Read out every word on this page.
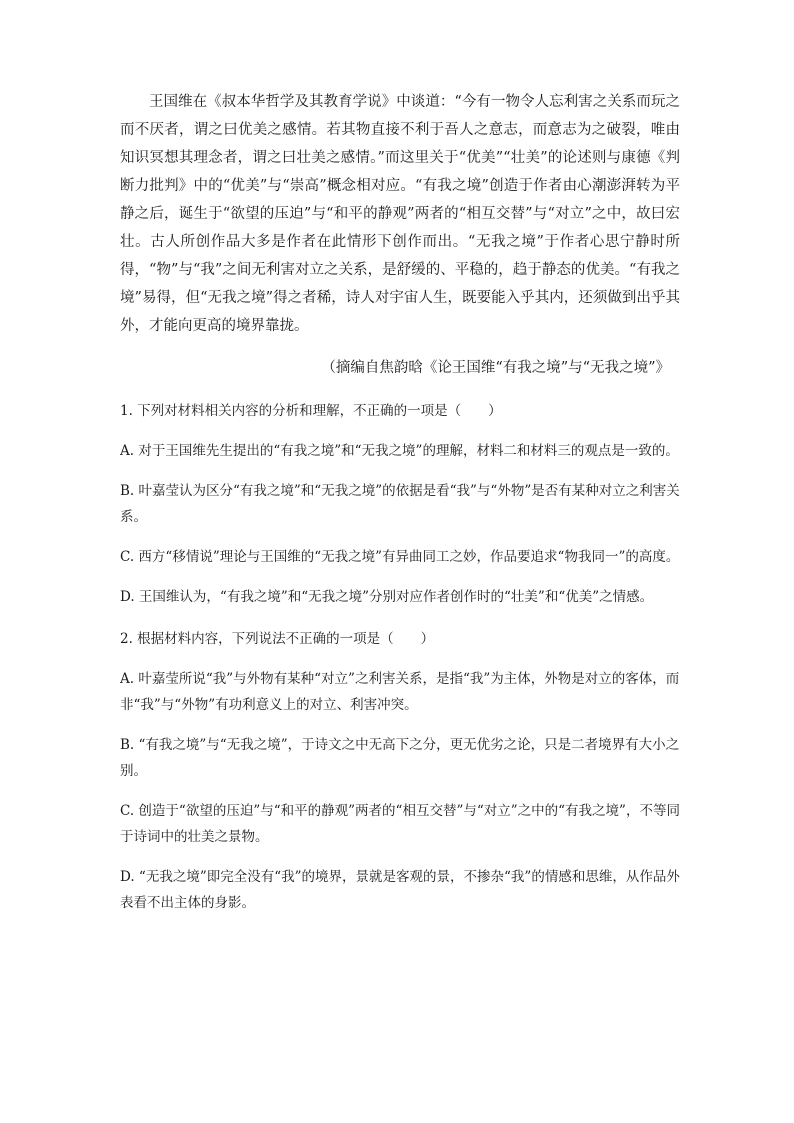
王国维在《叔本华哲学及其教育学说》中谈道：“今有一物令人忘利害之关系而玩之而不厌者，谓之曰优美之感情。若其物直接不利于吾人之意志，而意志为之破裂，唯由知识冥想其理念者，谓之曰壮美之感情。”而这里关于“优美”“壮美”的论述则与康德《判断力批判》中的“优美”与“崇高”概念相对应。“有我之境”创造于作者由心潮澎湃转为平静之后，诞生于“欲望的压迫”与“和平的静观”两者的“相互交替”与“对立”之中，故曰宏壮。古人所创作品大多是作者在此情形下创作而出。“无我之境”于作者心思宁静时所得，“物”与“我”之间无利害对立之关系，是舒缓的、平稳的，趋于静态的优美。“有我之境”易得，但“无我之境”得之者稀，诗人对宇宙人生，既要能入乎其内，还须做到出乎其外，才能向更高的境界靠拢。

（摘编自焦韵晗《论王国维“有我之境”与“无我之境”》

1. 下列对材料相关内容的分析和理解，不正确的一项是（　　）

A. 对于王国维先生提出的“有我之境”和“无我之境”的理解，材料二和材料三的观点是一致的。

B. 叶嘉莹认为区分“有我之境”和“无我之境”的依据是看“我”与“外物”是否有某种对立之利害关系。

C. 西方“移情说”理论与王国维的“无我之境”有异曲同工之妙，作品要追求“物我同一”的高度。

D. 王国维认为，“有我之境”和“无我之境”分别对应作者创作时的“壮美”和“优美”之情感。

2. 根据材料内容，下列说法不正确的一项是（　　）

A. 叶嘉莹所说“我”与外物有某种“对立”之利害关系，是指“我”为主体，外物是对立的客体，而非“我”与“外物”有功利意义上的对立、利害冲突。

B. “有我之境”与“无我之境”，于诗文之中无高下之分，更无优劣之论，只是二者境界有大小之别。

C. 创造于“欲望的压迫”与“和平的静观”两者的“相互交替”与“对立”之中的“有我之境”，不等同于诗词中的壮美之景物。

D. “无我之境”即完全没有“我”的境界，景就是客观的景，不掺杂“我”的情感和思维，从作品外表看不出主体的身影。
